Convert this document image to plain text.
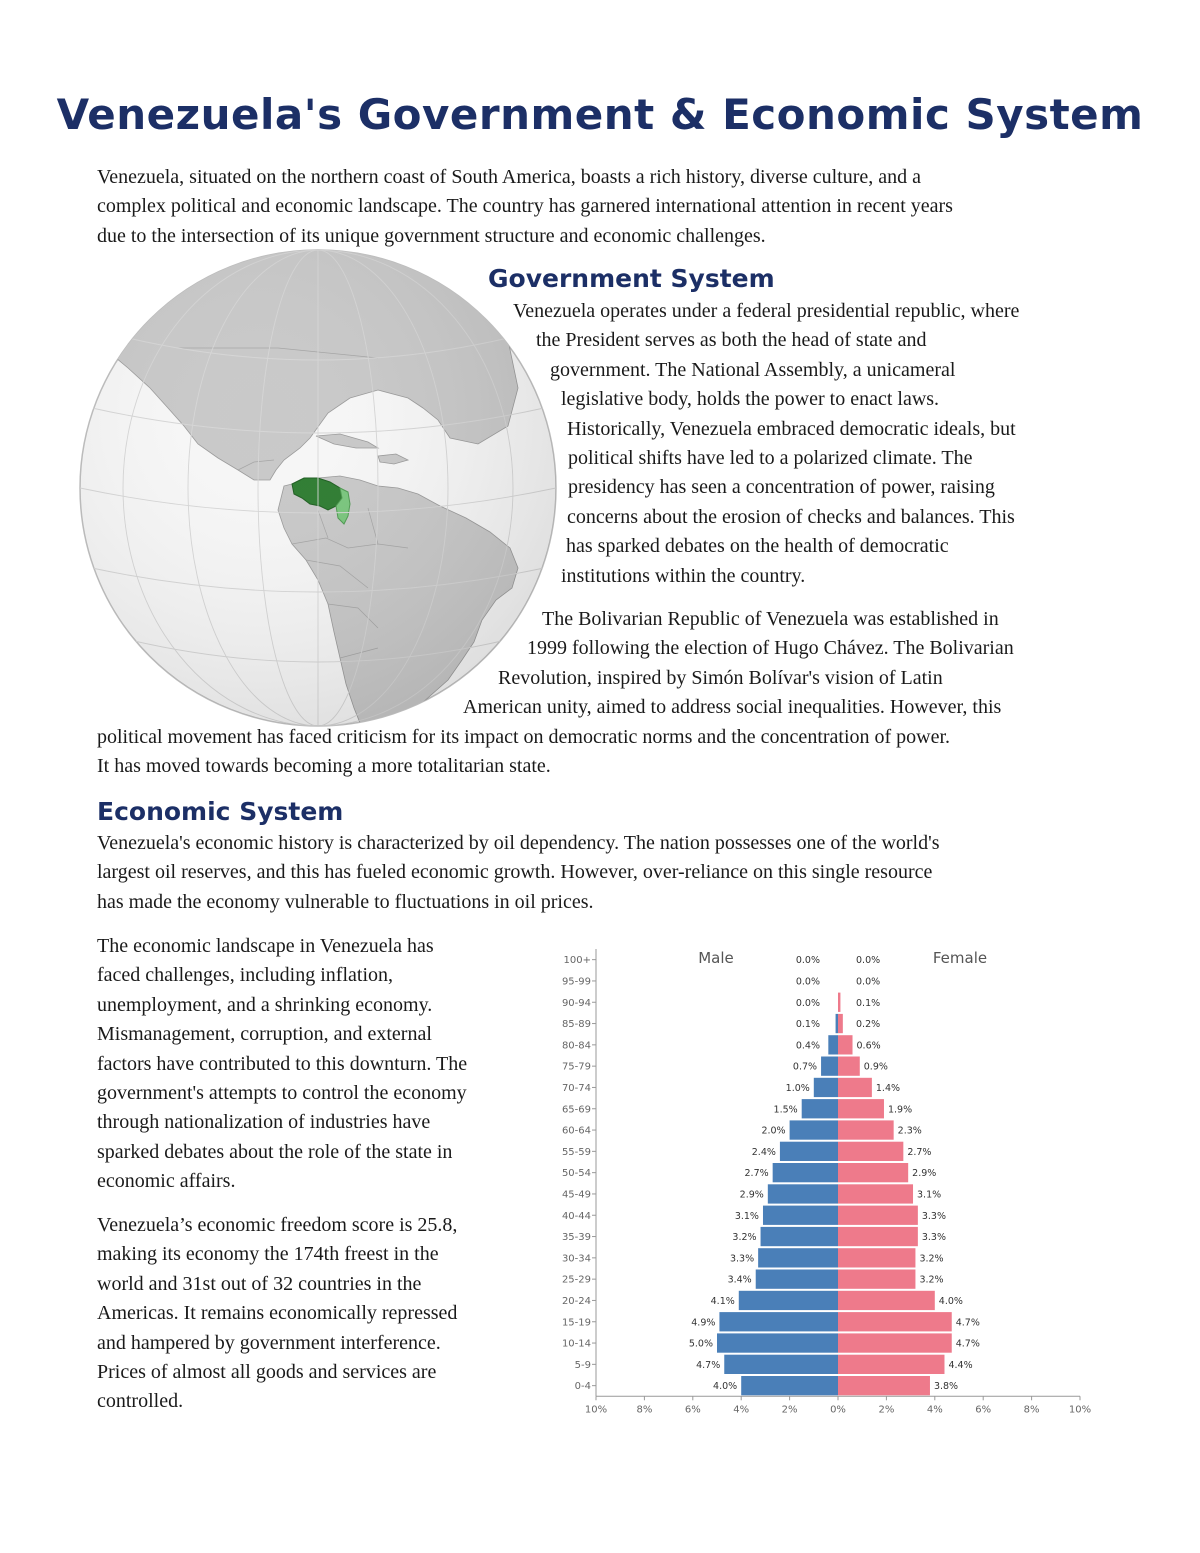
Venezuela's Government & Economic System
Venezuela, situated on the northern coast of South America, boasts a rich history, diverse culture, and a
complex political and economic landscape. The country has garnered international attention in recent years
due to the intersection of its unique government structure and economic challenges.
Government System
Venezuela operates under a federal presidential republic, where
the President serves as both the head of state and
government. The National Assembly, a unicameral
legislative body, holds the power to enact laws.
Historically, Venezuela embraced democratic ideals, but
political shifts have led to a polarized climate. The
presidency has seen a concentration of power, raising
concerns about the erosion of checks and balances. This
has sparked debates on the health of democratic
institutions within the country.
The Bolivarian Republic of Venezuela was established in
1999 following the election of Hugo Chávez. The Bolivarian
Revolution, inspired by Simón Bolívar's vision of Latin
American unity, aimed to address social inequalities. However, this
political movement has faced criticism for its impact on democratic norms and the concentration of power.
It has moved towards becoming a more totalitarian state.
Economic System
Venezuela's economic history is characterized by oil dependency. The nation possesses one of the world's
largest oil reserves, and this has fueled economic growth. However, over-reliance on this single resource
has made the economy vulnerable to fluctuations in oil prices.
The economic landscape in Venezuela has
faced challenges, including inflation,
unemployment, and a shrinking economy.
Mismanagement, corruption, and external
factors have contributed to this downturn. The
government's attempts to control the economy
through nationalization of industries have
sparked debates about the role of the state in
economic affairs.
Venezuela’s economic freedom score is 25.8,
making its economy the 174th freest in the
world and 31st out of 32 countries in the
Americas. It remains economically repressed
and hampered by government interference.
Prices of almost all goods and services are
controlled.
Male	Female
100+	0.0%	0.0%
95-99	0.0%	0.0%
90-94	0.0%	0.1%
85-89	0.1%	0.2%
80-84	0.4%	0.6%
75-79	0.7%	0.9%
70-74	1.0%	1.4%
65-69	1.5%	1.9%
60-64	2.0%	2.3%
55-59	2.4%	2.7%
50-54	2.7%	2.9%
45-49	2.9%	3.1%
40-44	3.1%	3.3%
35-39	3.2%	3.3%
30-34	3.3%	3.2%
25-29	3.4%	3.2%
20-24	4.1%	4.0%
15-19	4.9%	4.7%
10-14	5.0%	4.7%
5-9	4.7%	4.4%
0-4	4.0%	3.8%
10%	8%	6%	4%	2%	0%	2%	4%	6%	8%	10%
